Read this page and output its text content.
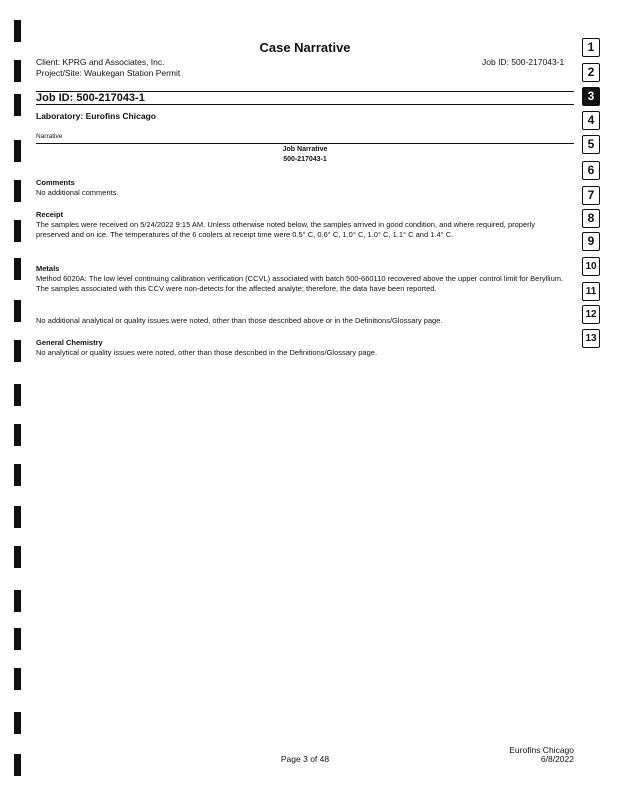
Case Narrative
Client: KPRG and Associates, Inc.
Project/Site: Waukegan Station Permit
Job ID: 500-217043-1
Job ID: 500-217043-1
Laboratory: Eurofins Chicago
Narrative
Job Narrative
500-217043-1
Comments
No additional comments.
Receipt
The samples were received on 5/24/2022 9:15 AM. Unless otherwise noted below, the samples arrived in good condition, and where required, properly preserved and on ice. The temperatures of the 6 coolers at receipt time were 0.5° C, 0.6° C, 1.0° C, 1.0° C, 1.1° C and 1.4° C.
Metals
Method 6020A: The low level continuing calibration verification (CCVL) associated with batch 500-660110 recovered above the upper control limit for Beryllium. The samples associated with this CCV were non-detects for the affected analyte; therefore, the data have been reported.
No additional analytical or quality issues were noted, other than those described above or in the Definitions/Glossary page.
General Chemistry
No analytical or quality issues were noted, other than those described in the Definitions/Glossary page.
Page 3 of 48
Eurofins Chicago
6/8/2022
1
2
3
4
5
6
7
8
9
10
11
12
13
